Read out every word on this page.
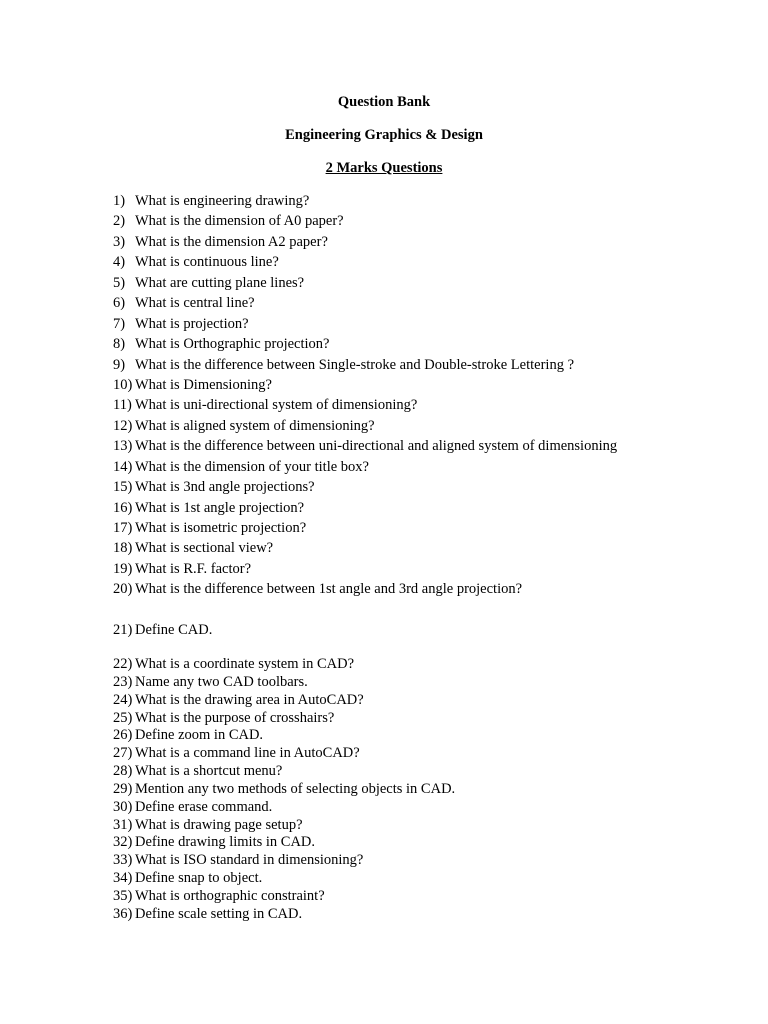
Question Bank
Engineering Graphics & Design
2 Marks Questions
1) What is engineering drawing?
2) What is the dimension of A0 paper?
3) What is the dimension A2 paper?
4) What is continuous line?
5) What are cutting plane lines?
6) What is central line?
7) What is projection?
8) What is Orthographic projection?
9) What is the difference between Single-stroke and Double-stroke Lettering ?
10) What is Dimensioning?
11) What is uni-directional system of dimensioning?
12) What is aligned system of dimensioning?
13) What is the difference between uni-directional and aligned system of dimensioning
14) What is the dimension of your title box?
15) What is 3nd angle projections?
16) What is 1st angle projection?
17) What is isometric projection?
18) What is sectional view?
19) What is R.F. factor?
20) What is the difference between 1st angle and 3rd angle projection?
21) Define CAD.
22) What is a coordinate system in CAD?
23) Name any two CAD toolbars.
24) What is the drawing area in AutoCAD?
25) What is the purpose of crosshairs?
26) Define zoom in CAD.
27) What is a command line in AutoCAD?
28) What is a shortcut menu?
29) Mention any two methods of selecting objects in CAD.
30) Define erase command.
31) What is drawing page setup?
32) Define drawing limits in CAD.
33) What is ISO standard in dimensioning?
34) Define snap to object.
35) What is orthographic constraint?
36) Define scale setting in CAD.
